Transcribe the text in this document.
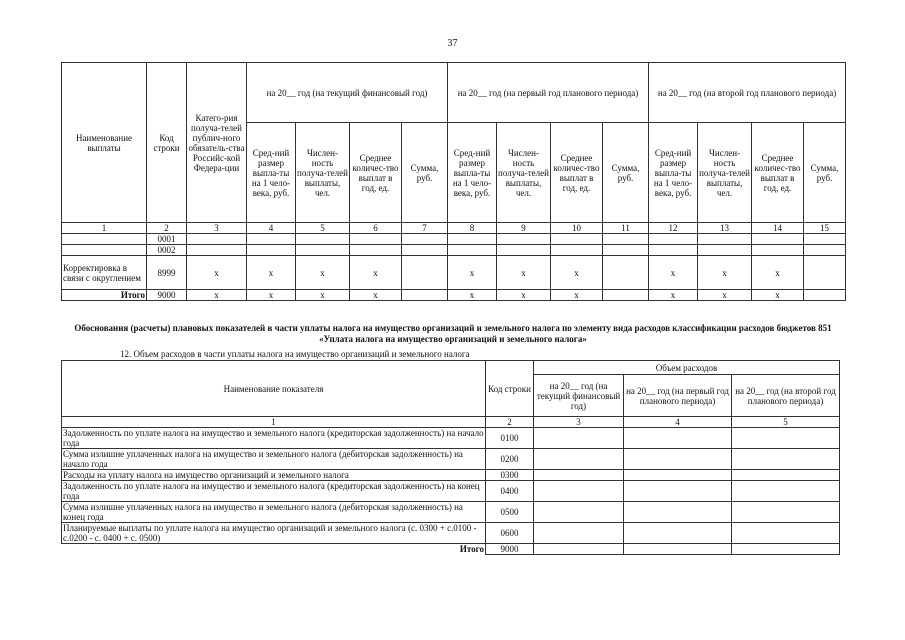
37
Наименование выплаты	Код строки	Катего-рия получа-телей публич-ного обязатель-ства Российс-кой Федера-ции	на 20__ год (на текущий финансовый год)				на 20__ год (на первый год планового периода)				на 20__ год (на второй год планового периода)			
			Сред-ний размер выпла-ты на 1 чело-века, руб.	Числен-ность получа-телей выплаты, чел.	Среднее количес-тво выплат в год, ед.	Сумма, руб.	Сред-ний размер выпла-ты на 1 чело-века, руб.	Числен-ность получа-телей выплаты, чел.	Среднее количес-тво выплат в год, ед.	Сумма, руб.	Сред-ний размер выпла-ты на 1 чело-века, руб.	Числен-ность получа-телей выплаты, чел.	Среднее количес-тво выплат в год, ед.	Сумма, руб.
1	2	3	4	5	6	7	8	9	10	11	12	13	14	15
	0001													
	0002													
Корректировка в связи с округлением	8999	x	x	x	x		x	x	x		x	x	x	
Итого	9000	x	x	x	x		x	x	x		x	x	x	
Обоснования (расчеты) плановых показателей в части уплаты налога на имущество организаций и земельного налога по элементу вида расходов классификации расходов бюджетов 851 «Уплата налога на имущество организаций и земельного налога»
12. Объем расходов в части уплаты налога на имущество организаций и земельного налога
Наименование показателя	Код строки	Объем расходов		
		на 20__ год (на текущий финансовый год)	на 20__ год (на первый год планового периода)	на 20__ год (на второй год планового периода)
1	2	3	4	5
Задолженность по уплате налога на имущество и земельного налога (кредиторская задолженность) на начало года	0100			
Сумма излишне уплаченных налога на имущество и земельного налога (дебиторская задолженность) на начало года	0200			
Расходы на уплату налога на имущество организаций и земельного налога	0300			
Задолженность по уплате налога на имущество и земельного налога (кредиторская задолженность) на конец года	0400			
Сумма излишне уплаченных налога на имущество и земельного налога (дебиторская задолженность) на конец года	0500			
Планируемые выплаты по уплате налога на имущество организаций и земельного налога (с. 0300 + с.0100 - с.0200 - с. 0400 + с. 0500)	0600			
Итого	9000			
